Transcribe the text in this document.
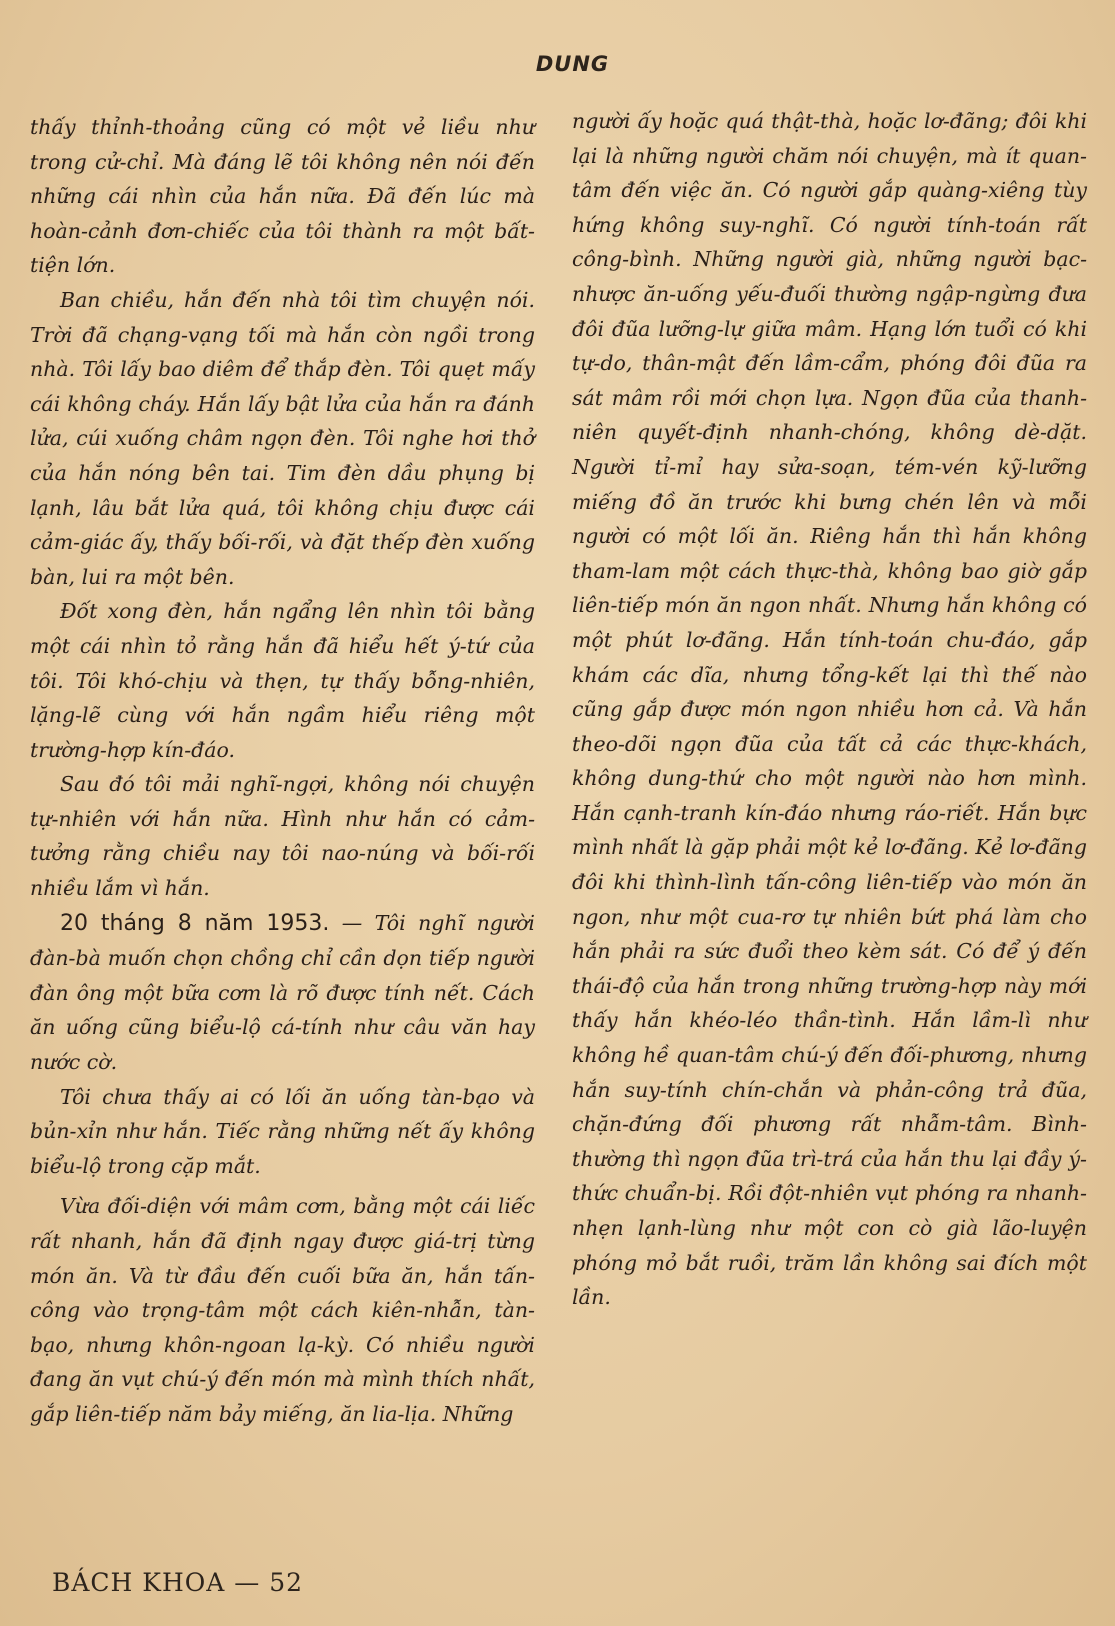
DUNG

thấy thỉnh-thoảng cũng có một vẻ liều như trong cử-chỉ. Mà đáng lẽ tôi không nên nói đến những cái nhìn của hắn nữa. Đã đến lúc mà hoàn-cảnh đơn-chiếc của tôi thành ra một bất-tiện lớn.

Ban chiều, hắn đến nhà tôi tìm chuyện nói. Trời đã chạng-vạng tối mà hắn còn ngồi trong nhà. Tôi lấy bao diêm để thắp đèn. Tôi quẹt mấy cái không cháy. Hắn lấy bật lửa của hắn ra đánh lửa, cúi xuống châm ngọn đèn. Tôi nghe hơi thở của hắn nóng bên tai. Tim đèn dầu phụng bị lạnh, lâu bắt lửa quá, tôi không chịu được cái cảm-giác ấy, thấy bối-rối, và đặt thếp đèn xuống bàn, lui ra một bên.

Đốt xong đèn, hắn ngẩng lên nhìn tôi bằng một cái nhìn tỏ rằng hắn đã hiểu hết ý-tứ của tôi. Tôi khó-chịu và thẹn, tự thấy bỗng-nhiên, lặng-lẽ cùng với hắn ngầm hiểu riêng một trường-hợp kín-đáo.

Sau đó tôi mải nghĩ-ngợi, không nói chuyện tự-nhiên với hắn nữa. Hình như hắn có cảm-tưởng rằng chiều nay tôi nao-núng và bối-rối nhiều lắm vì hắn.

20 tháng 8 năm 1953. — Tôi nghĩ người đàn-bà muốn chọn chồng chỉ cần dọn tiếp người đàn ông một bữa cơm là rõ được tính nết. Cách ăn uống cũng biểu-lộ cá-tính như câu văn hay nước cờ.

Tôi chưa thấy ai có lối ăn uống tàn-bạo và bủn-xỉn như hắn. Tiếc rằng những nết ấy không biểu-lộ trong cặp mắt.

Vừa đối-diện với mâm cơm, bằng một cái liếc rất nhanh, hắn đã định ngay được giá-trị từng món ăn. Và từ đầu đến cuối bữa ăn, hắn tấn-công vào trọng-tâm một cách kiên-nhẫn, tàn-bạo, nhưng khôn-ngoan lạ-kỳ. Có nhiều người đang ăn vụt chú-ý đến món mà mình thích nhất, gắp liên-tiếp năm bảy miếng, ăn lia-lịa. Những

người ấy hoặc quá thật-thà, hoặc lơ-đãng; đôi khi lại là những người chăm nói chuyện, mà ít quan-tâm đến việc ăn. Có người gắp quàng-xiêng tùy hứng không suy-nghĩ. Có người tính-toán rất công-bình. Những người già, những người bạc-nhược ăn-uống yếu-đuối thường ngập-ngừng đưa đôi đũa lưỡng-lự giữa mâm. Hạng lớn tuổi có khi tự-do, thân-mật đến lầm-cẩm, phóng đôi đũa ra sát mâm rồi mới chọn lựa. Ngọn đũa của thanh-niên quyết-định nhanh-chóng, không dè-dặt. Người tỉ-mỉ hay sửa-soạn, tém-vén kỹ-lưỡng miếng đồ ăn trước khi bưng chén lên và mỗi người có một lối ăn. Riêng hắn thì hắn không tham-lam một cách thực-thà, không bao giờ gắp liên-tiếp món ăn ngon nhất. Nhưng hắn không có một phút lơ-đãng. Hắn tính-toán chu-đáo, gắp khám các dĩa, nhưng tổng-kết lại thì thế nào cũng gắp được món ngon nhiều hơn cả. Và hắn theo-dõi ngọn đũa của tất cả các thực-khách, không dung-thứ cho một người nào hơn mình. Hắn cạnh-tranh kín-đáo nhưng ráo-riết. Hắn bực mình nhất là gặp phải một kẻ lơ-đãng. Kẻ lơ-đãng đôi khi thình-lình tấn-công liên-tiếp vào món ăn ngon, như một cua-rơ tự nhiên bứt phá làm cho hắn phải ra sức đuổi theo kèm sát. Có để ý đến thái-độ của hắn trong những trường-hợp này mới thấy hắn khéo-léo thần-tình. Hắn lầm-lì như không hề quan-tâm chú-ý đến đối-phương, nhưng hắn suy-tính chín-chắn và phản-công trả đũa, chặn-đứng đối phương rất nhẫm-tâm. Bình-thường thì ngọn đũa trì-trá của hắn thu lại đầy ý-thức chuẩn-bị. Rồi đột-nhiên vụt phóng ra nhanh-nhẹn lạnh-lùng như một con cò già lão-luyện phóng mỏ bắt ruồi, trăm lần không sai đích một lần.

BÁCH KHOA — 52
